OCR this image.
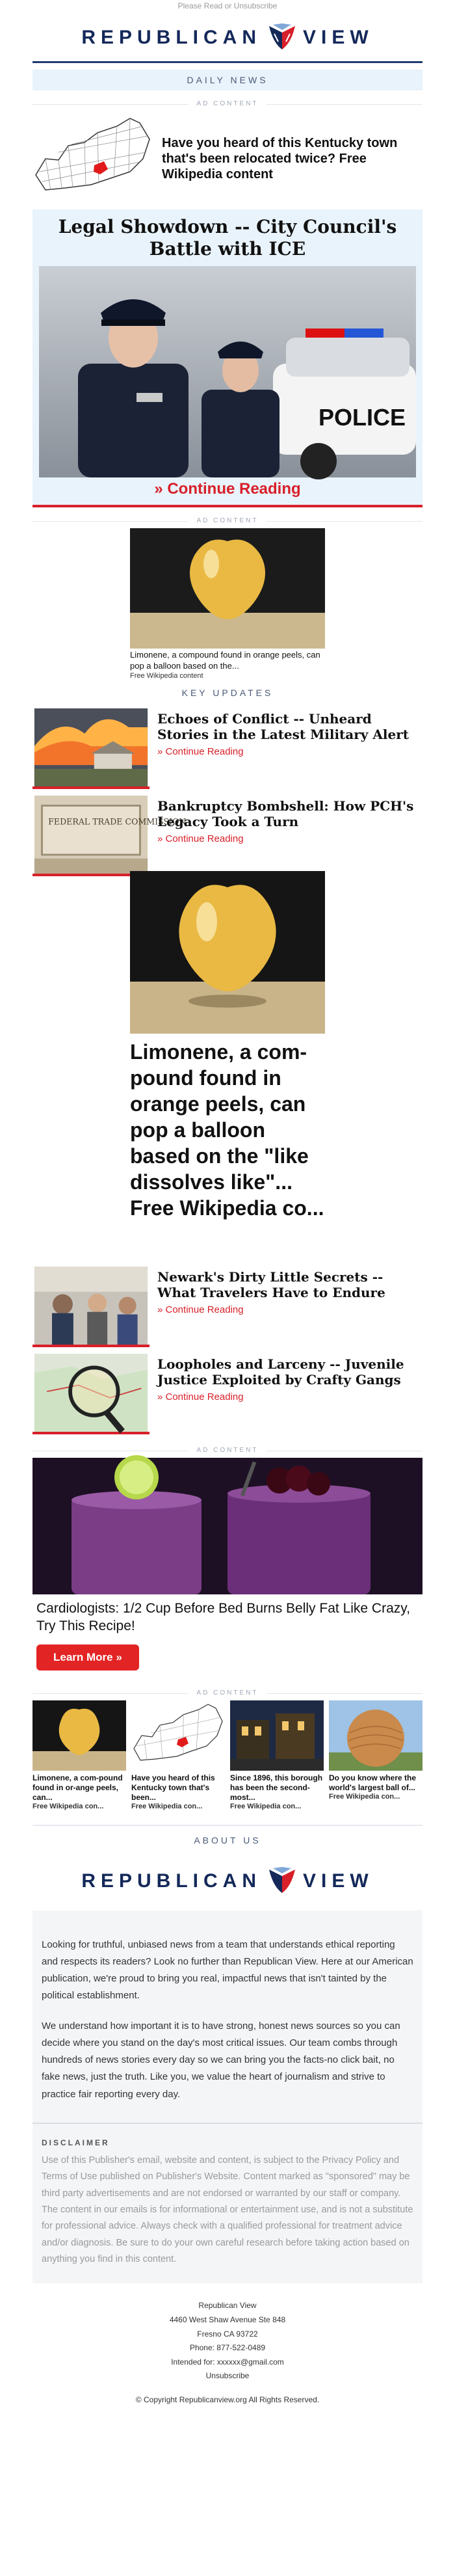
Please Read or Unsubscribe
REPUBLICAN VIEW
DAILY NEWS
AD CONTENT
Have you heard of this Kentucky town that's been relocated twice? Free Wikipedia content
Legal Showdown -- City Council's Battle with ICE
POLICE
» Continue Reading
AD CONTENT
Limonene, a compound found in orange peels, can pop a balloon based on the...
Free Wikipedia content
KEY UPDATES
Echoes of Conflict -- Unheard Stories in the Latest Military Alert
» Continue Reading
FEDERAL TRADE COMMISSION
Bankruptcy Bombshell: How PCH's Legacy Took a Turn
» Continue Reading
Limonene, a com-pound found in orange peels, can pop a balloon based on the "like dissolves like"... Free Wikipedia co...
Newark's Dirty Little Secrets -- What Travelers Have to Endure
» Continue Reading
Loopholes and Larceny -- Juvenile Justice Exploited by Crafty Gangs
» Continue Reading
AD CONTENT
Cardiologists: 1/2 Cup Before Bed Burns Belly Fat Like Crazy, Try This Recipe!
Learn More »
AD CONTENT
Limonene, a com-pound found in or-ange peels, can...
Free Wikipedia con...
Have you heard of this Kentucky town that's been...
Free Wikipedia con...
Since 1896, this borough has been the second-most...
Free Wikipedia con...
Do you know where the world's largest ball of...
Free Wikipedia con...
ABOUT US
REPUBLICAN VIEW

Looking for truthful, unbiased news from a team that understands ethical reporting and respects its readers? Look no further than Republican View. Here at our American publication, we're proud to bring you real, impactful news that isn't tainted by the political establishment.

We understand how important it is to have strong, honest news sources so you can decide where you stand on the day's most critical issues. Our team combs through hundreds of news stories every day so we can bring you the facts-no click bait, no fake news, just the truth. Like you, we value the heart of journalism and strive to practice fair reporting every day.

DISCLAIMER

Use of this Publisher's email, website and content, is subject to the Privacy Policy and Terms of Use published on Publisher's Website. Content marked as "sponsored" may be third party advertisements and are not endorsed or warranted by our staff or company. The content in our emails is for informational or entertainment use, and is not a substitute for professional advice. Always check with a qualified professional for treatment advice and/or diagnosis. Be sure to do your own careful research before taking action based on anything you find in this content.

Republican View
4460 West Shaw Avenue Ste 848
Fresno CA 93722
Phone: 877-522-0489
Intended for: xxxxxx@gmail.com
Unsubscribe
© Copyright Republicanview.org All Rights Reserved.
